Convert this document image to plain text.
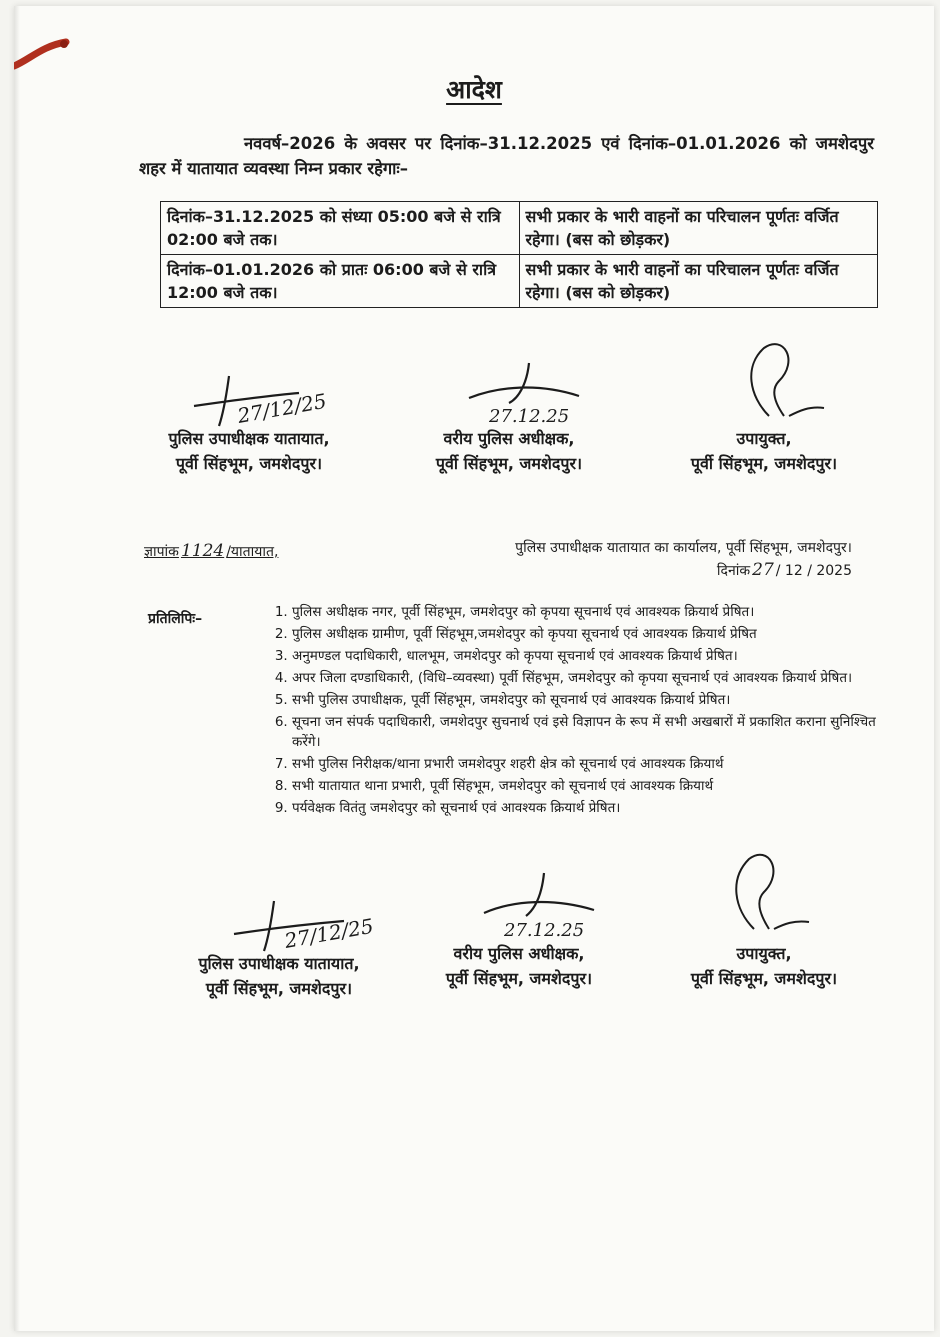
आदेश
नववर्ष–2026 के अवसर पर दिनांक–31.12.2025 एवं दिनांक–01.01.2026 को जमशेदपुर शहर में यातायात व्यवस्था निम्न प्रकार रहेगाः–
दिनांक–31.12.2025 को संध्या 05:00 बजे से रात्रि 02:00 बजे तक।	सभी प्रकार के भारी वाहनों का परिचालन पूर्णतः वर्जित रहेगा। (बस को छोड़कर)
दिनांक–01.01.2026 को प्रातः 06:00 बजे से रात्रि 12:00 बजे तक।	सभी प्रकार के भारी वाहनों का परिचालन पूर्णतः वर्जित रहेगा। (बस को छोड़कर)
27/12/25
पुलिस उपाधीक्षक यातायात,
पूर्वी सिंहभूम, जमशेदपुर।
27.12.25
वरीय पुलिस अधीक्षक,
पूर्वी सिंहभूम, जमशेदपुर।
उपायुक्त,
पूर्वी सिंहभूम, जमशेदपुर।
ज्ञापांक 1124 /यातायात,	पुलिस उपाधीक्षक यातायात का कार्यालय, पूर्वी सिंहभूम, जमशेदपुर।
दिनांक 27 / 12 / 2025
प्रतिलिपिः–	1. पुलिस अधीक्षक नगर, पूर्वी सिंहभूम, जमशेदपुर को कृपया सूचनार्थ एवं आवश्यक क्रियार्थ प्रेषित।
2. पुलिस अधीक्षक ग्रामीण, पूर्वी सिंहभूम,जमशेदपुर को कृपया सूचनार्थ एवं आवश्यक क्रियार्थ प्रेषित
3. अनुमण्डल पदाधिकारी, धालभूम, जमशेदपुर को कृपया सूचनार्थ एवं आवश्यक क्रियार्थ प्रेषित।
4. अपर जिला दण्डाधिकारी, (विधि–व्यवस्था) पूर्वी सिंहभूम, जमशेदपुर को कृपया सूचनार्थ एवं आवश्यक क्रियार्थ प्रेषित।
5. सभी पुलिस उपाधीक्षक, पूर्वी सिंहभूम, जमशेदपुर को सूचनार्थ एवं आवश्यक क्रियार्थ प्रेषित।
6. सूचना जन संपर्क पदाधिकारी, जमशेदपुर सुचनार्थ एवं इसे विज्ञापन के रूप में सभी अखबारों में प्रकाशित कराना सुनिश्चित करेंगे।
7. सभी पुलिस निरीक्षक/थाना प्रभारी जमशेदपुर शहरी क्षेत्र को सूचनार्थ एवं आवश्यक क्रियार्थ
8. सभी यातायात थाना प्रभारी, पूर्वी सिंहभूम, जमशेदपुर को सूचनार्थ एवं आवश्यक क्रियार्थ
9. पर्यवेक्षक वितंतु जमशेदपुर को सूचनार्थ एवं आवश्यक क्रियार्थ प्रेषित।
27/12/25
पुलिस उपाधीक्षक यातायात,
पूर्वी सिंहभूम, जमशेदपुर।
27.12.25
वरीय पुलिस अधीक्षक,
पूर्वी सिंहभूम, जमशेदपुर।
उपायुक्त,
पूर्वी सिंहभूम, जमशेदपुर।
